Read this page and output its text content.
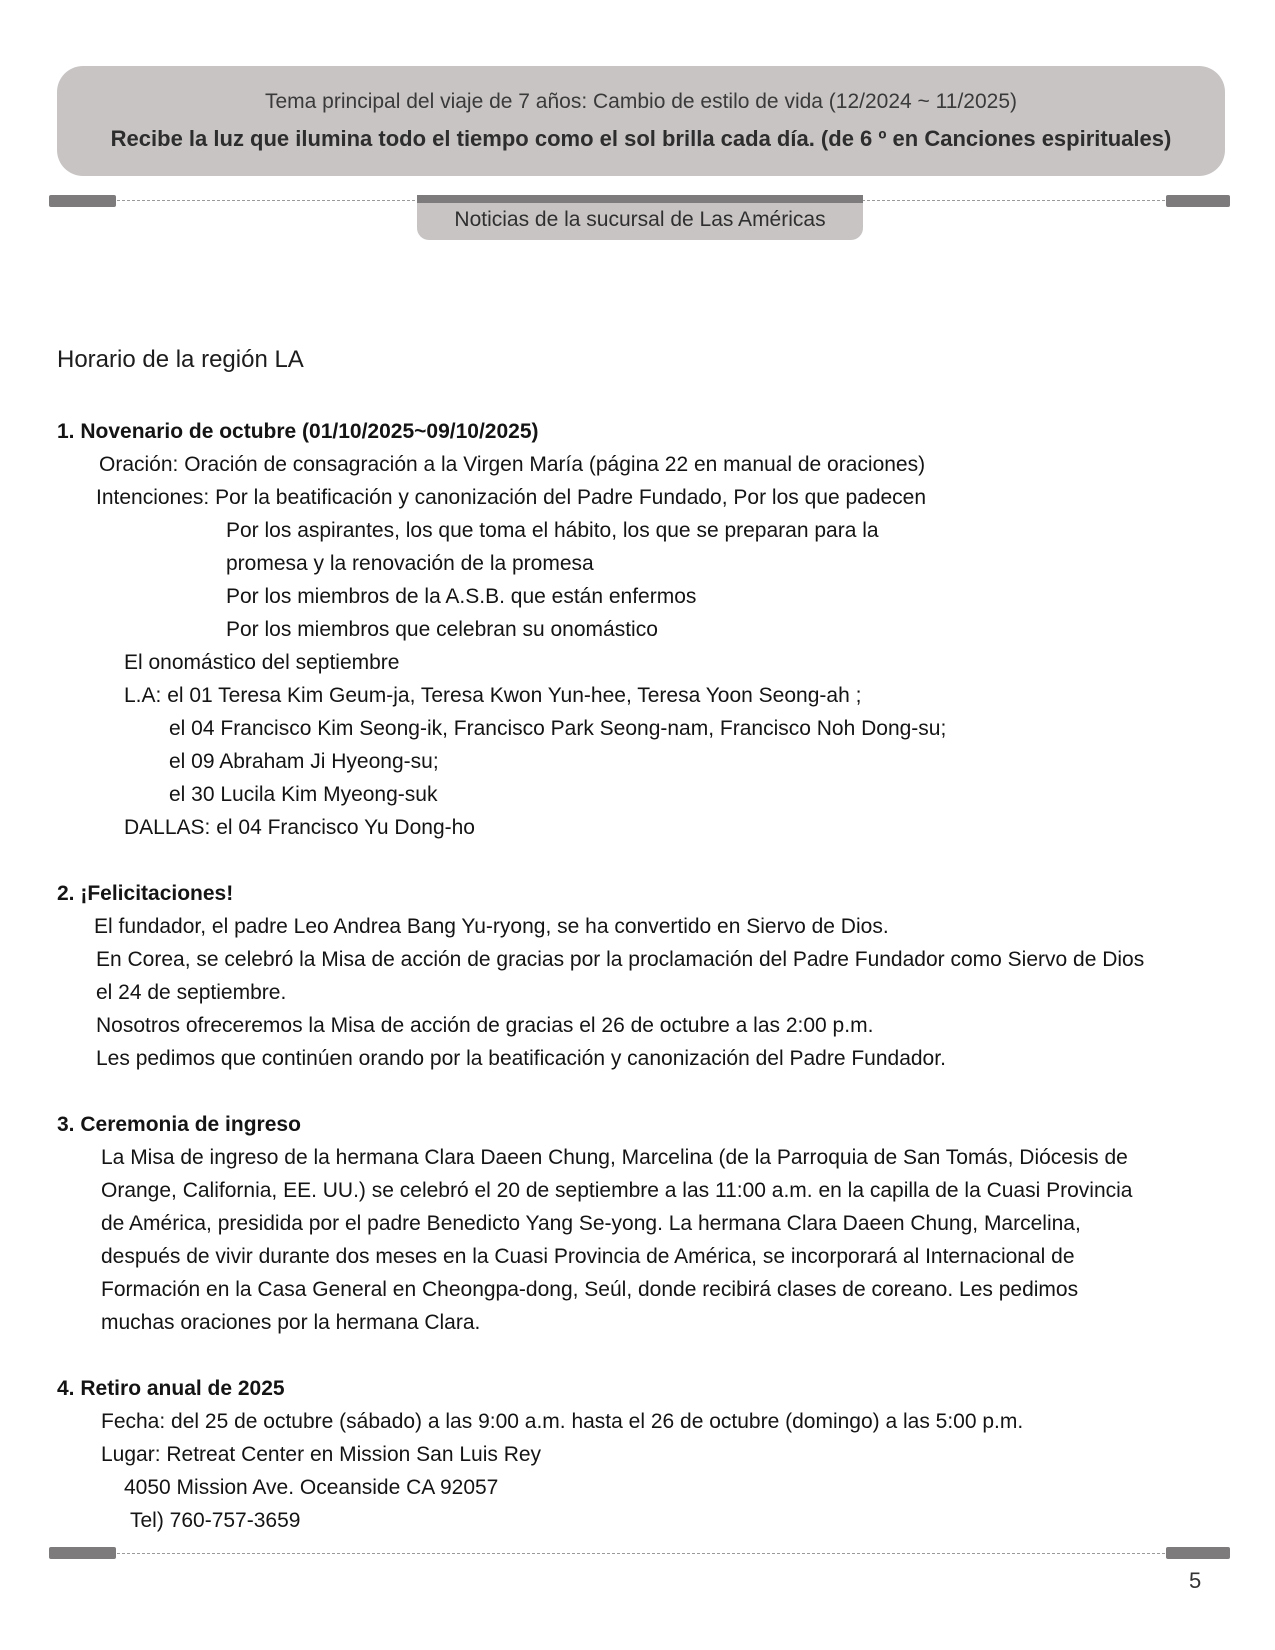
Tema principal del viaje de 7 años: Cambio de estilo de vida (12/2024 ~ 11/2025)
Recibe la luz que ilumina todo el tiempo como el sol brilla cada día. (de 6 º en Canciones espirituales)
Noticias de la sucursal de Las Américas
Horario de la región LA
1. Novenario de octubre (01/10/2025~09/10/2025)
Oración: Oración de consagración a la Virgen María (página 22 en manual de oraciones)
Intenciones: Por la beatificación y canonización del Padre Fundado, Por los que padecen
Por los aspirantes, los que toma el hábito, los que se preparan para la
promesa y la renovación de la promesa
Por los miembros de la A.S.B. que están enfermos
Por los miembros que celebran su onomástico
El onomástico del septiembre
L.A: el 01 Teresa Kim Geum-ja, Teresa Kwon Yun-hee, Teresa Yoon Seong-ah ;
el 04 Francisco Kim Seong-ik, Francisco Park Seong-nam, Francisco Noh Dong-su;
el 09 Abraham Ji Hyeong-su;
el 30 Lucila Kim Myeong-suk
DALLAS: el 04 Francisco Yu Dong-ho
2. ¡Felicitaciones!
El fundador, el padre Leo Andrea Bang Yu-ryong, se ha convertido en Siervo de Dios.
En Corea, se celebró la Misa de acción de gracias por la proclamación del Padre Fundador como Siervo de Dios
el 24 de septiembre.
Nosotros ofreceremos la Misa de acción de gracias el 26 de octubre a las 2:00 p.m.
Les pedimos que continúen orando por la beatificación y canonización del Padre Fundador.
3. Ceremonia de ingreso
La Misa de ingreso de la hermana Clara Daeen Chung, Marcelina (de la Parroquia de San Tomás, Diócesis de
Orange, California, EE. UU.) se celebró el 20 de septiembre a las 11:00 a.m. en la capilla de la Cuasi Provincia
de América, presidida por el padre Benedicto Yang Se-yong. La hermana Clara Daeen Chung, Marcelina,
después de vivir durante dos meses en la Cuasi Provincia de América, se incorporará al Internacional de
Formación en la Casa General en Cheongpa-dong, Seúl, donde recibirá clases de coreano. Les pedimos
muchas oraciones por la hermana Clara.
4. Retiro anual de 2025
Fecha: del 25 de octubre (sábado) a las 9:00 a.m. hasta el 26 de octubre (domingo) a las 5:00 p.m.
Lugar: Retreat Center en Mission San Luis Rey
4050 Mission Ave. Oceanside CA 92057
Tel) 760-757-3659
5
